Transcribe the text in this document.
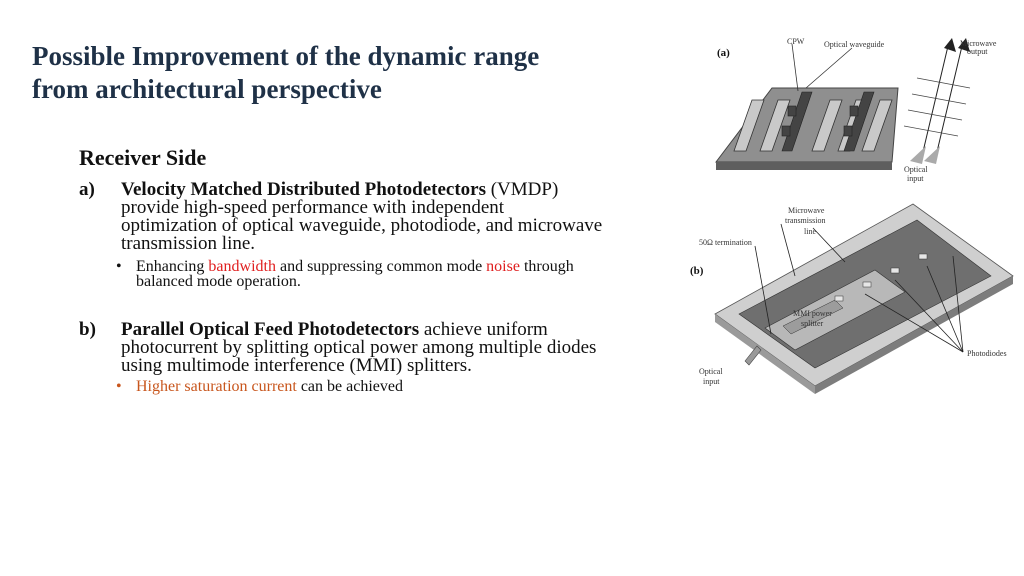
Possible Improvement of the dynamic range
from architectural perspective
Receiver Side
a) Velocity Matched Distributed Photodetectors (VMDP)
provide high-speed performance with independent
optimization of optical waveguide, photodiode, and microwave
transmission line.
• Enhancing bandwidth and suppressing common mode noise through
balanced mode operation.
b) Parallel Optical Feed Photodetectors achieve uniform
photocurrent by splitting optical power among multiple diodes
using multimode interference (MMI) splitters.
• Higher saturation current can be achieved
(a)
CPW Optical waveguide	Microwave
output
Optical
input
(b)
Microwave
transmission
line
50Ω termination
MMI power
splitter
Photodiodes
Optical
input
